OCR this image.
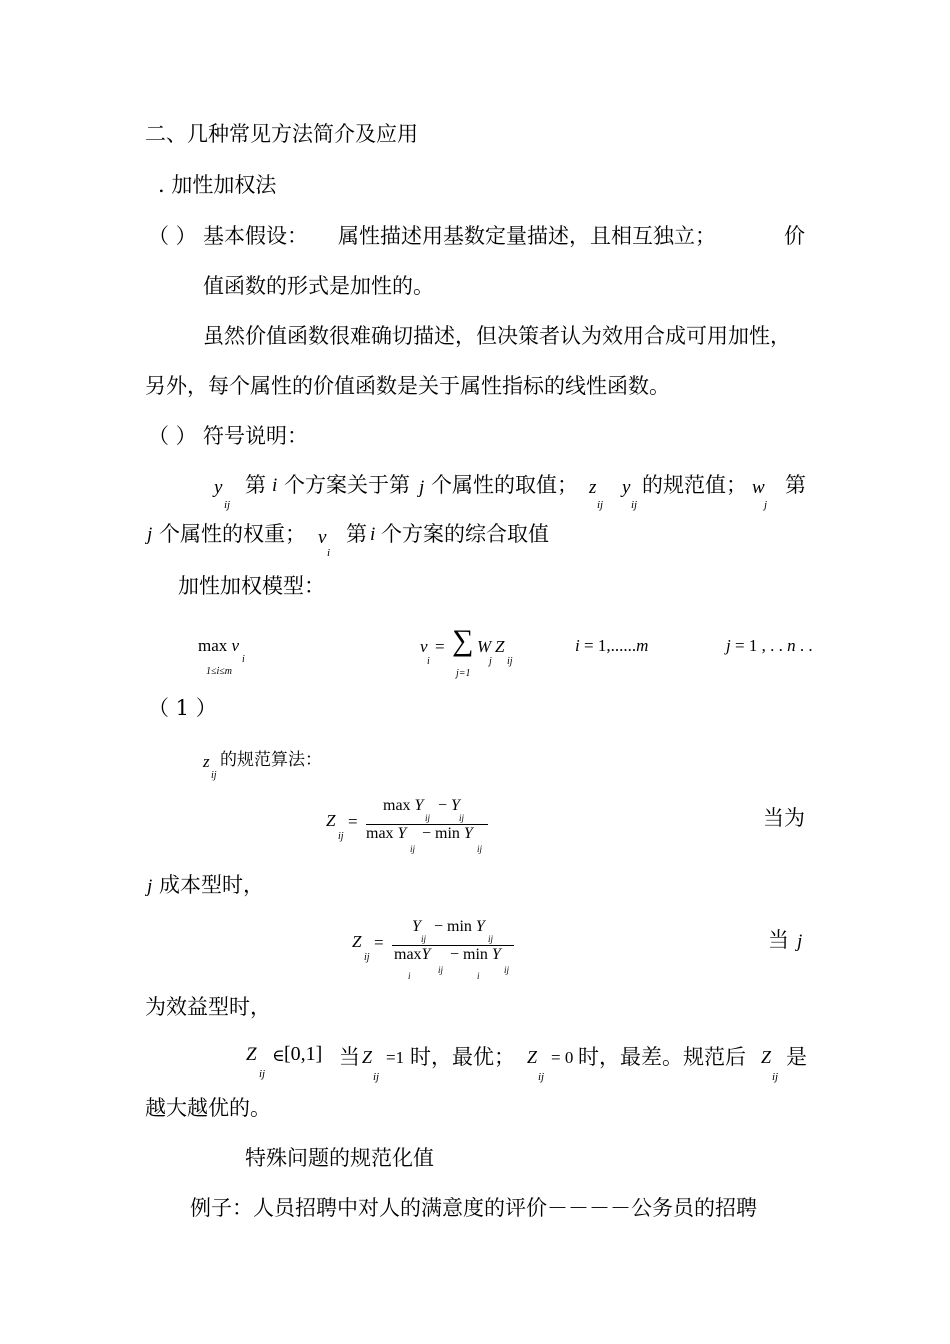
二、几种常见方法简介及应用
. 加性加权法
（ ） 基本假设： 属性描述用基数定量描述，且相互独立；	价
值函数的形式是加性的。
虽然价值函数很难确切描述，但决策者认为效用合成可用加性，
另外，每个属性的价值函数是关于属性指标的线性函数。
（ ） 符号说明：
y
ij
第 i 个方案关于第 j 个属性的取值； z
ij
y
ij
的规范值； w
j
第
j 个属性的权重； v
i
第 i 个方案的综合取值
加性加权模型：
max v
i
1≤i≤m
v
i
= ∑
j=1
W
j
Z
ij
i = 1,......m	j = 1 , . . n . .
（ 1 ）
z
ij
的规范算法：
Z
ij
=
max Y
ij
− Y
ij
max Y
ij
− min Y
ij
当为
j 成本型时，
Z
ij
=
Y
ij
− min Y
ij
maxY
i
ij
− min Y
i
ij
当 j
为效益型时，
Z
ij
∈ [0,1] 当 Z
ij
=1 时，最优； Z
ij
= 0 时，最差。规范后 Z
ij
是
越大越优的。
特殊问题的规范化值
例子：人员招聘中对人的满意度的评价－－－－公务员的招聘
